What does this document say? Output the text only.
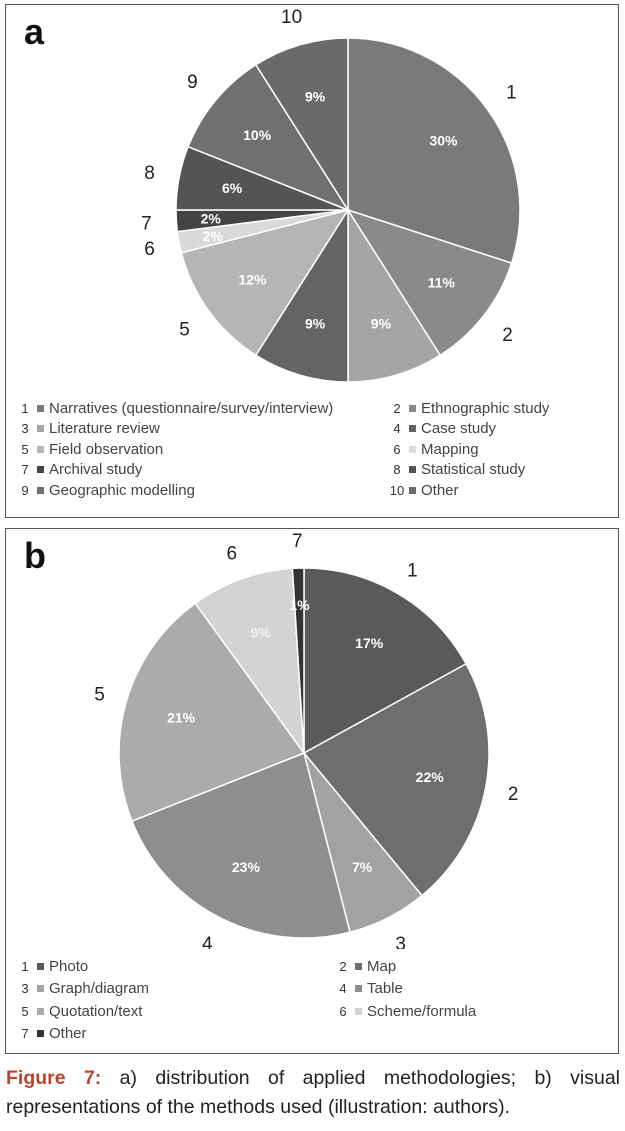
a
30%
1
11%
2
9%
9%
12%
5
2%
6
2%
7
6%
8
10%
9
9%
10
1	Narratives (questionnaire/survey/interview)	2	Ethnographic study
3	Literature review	4	Case study
5	Field observation	6	Mapping
7	Archival study	8	Statistical study
9	Geographic modelling	10 Other
b
17%
1
22%
2
7%
3
23%
4
21%
5
9%
6
1%
7
1	Photo	2	Map
3	Graph/diagram	4	Table
5	Quotation/text	6	Scheme/formula
7	Other
Figure 7: a) distribution of applied methodologies; b) visual representations of the methods used (illustration: authors).
